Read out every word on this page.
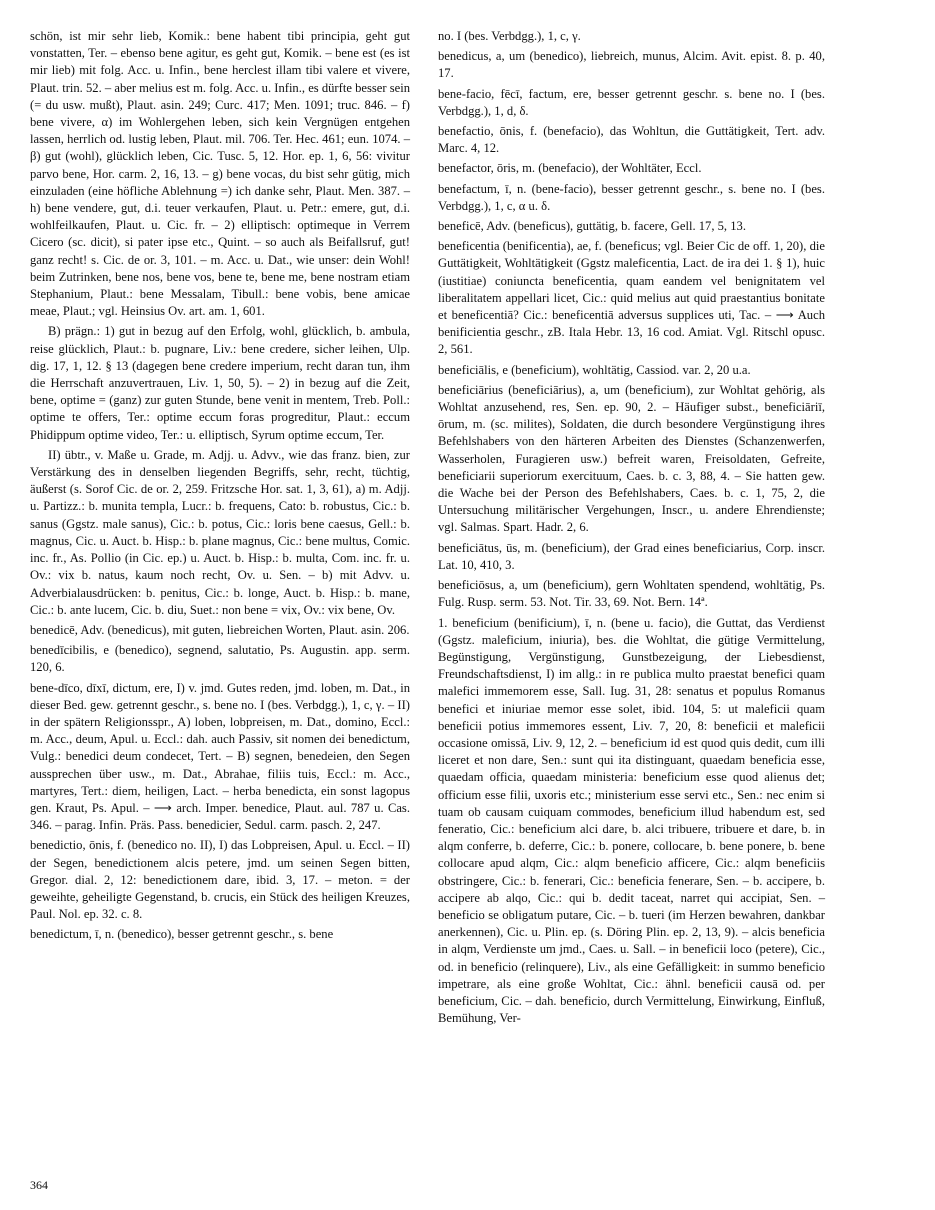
schön, ist mir sehr lieb, Komik.: bene habent tibi principia, geht gut vonstatten, Ter. – ebenso bene agitur, es geht gut, Komik. – bene est (es ist mir lieb) mit folg. Acc. u. Infin., bene herclest illam tibi valere et vivere, Plaut. trin. 52. – aber melius est m. folg. Acc. u. Infin., es dürfte besser sein (= du usw. mußt), Plaut. asin. 249; Curc. 417; Men. 1091; truc. 846. – f) bene vivere, α) im Wohlergehen leben, sich kein Vergnügen entgehen lassen, herrlich od. lustig leben, Plaut. mil. 706. Ter. Hec. 461; eun. 1074. – β) gut (wohl), glücklich leben, Cic. Tusc. 5, 12. Hor. ep. 1, 6, 56: vivitur parvo bene, Hor. carm. 2, 16, 13. – g) bene vocas, du bist sehr gütig, mich einzuladen (eine höfliche Ablehnung =) ich danke sehr, Plaut. Men. 387. – h) bene vendere, gut, d.i. teuer verkaufen, Plaut. u. Petr.: emere, gut, d.i. wohlfeilkaufen, Plaut. u. Cic. fr. – 2) elliptisch: optimeque in Verrem Cicero (sc. dicit), si pater ipse etc., Quint. – so auch als Beifallsruf, gut! ganz recht! s. Cic. de or. 3, 101. – m. Acc. u. Dat., wie unser: dein Wohl! beim Zutrinken, bene nos, bene vos, bene te, bene me, bene nostram etiam Stephanium, Plaut.: bene Messalam, Tibull.: bene vobis, bene amicae meae, Plaut.; vgl. Heinsius Ov. art. am. 1, 601.

B) prägn.: 1) gut in bezug auf den Erfolg, wohl, glücklich, b. ambula, reise glücklich, Plaut.: b. pugnare, Liv.: bene credere, sicher leihen, Ulp. dig. 17, 1, 12. § 13 (dagegen bene credere imperium, recht daran tun, ihm die Herrschaft anzuvertrauen, Liv. 1, 50, 5). – 2) in bezug auf die Zeit, bene, optime = (ganz) zur guten Stunde, bene venit in mentem, Treb. Poll.: optime te offers, Ter.: optime eccum foras progreditur, Plaut.: eccum Phidippum optime video, Ter.: u. elliptisch, Syrum optime eccum, Ter.

II) übtr., v. Maße u. Grade, m. Adjj. u. Advv., wie das franz. bien, zur Verstärkung des in denselben liegenden Begriffs, sehr, recht, tüchtig, äußerst (s. Sorof Cic. de or. 2, 259. Fritzsche Hor. sat. 1, 3, 61), a) m. Adjj. u. Partizz.: b. munita templa, Lucr.: b. frequens, Cato: b. robustus, Cic.: b. sanus (Ggstz. male sanus), Cic.: b. potus, Cic.: loris bene caesus, Gell.: b. magnus, Cic. u. Auct. b. Hisp.: b. plane magnus, Cic.: bene multus, Comic. inc. fr., As. Pollio (in Cic. ep.) u. Auct. b. Hisp.: b. multa, Com. inc. fr. u. Ov.: vix b. natus, kaum noch recht, Ov. u. Sen. – b) mit Advv. u. Adverbialausdrücken: b. penitus, Cic.: b. longe, Auct. b. Hisp.: b. mane, Cic.: b. ante lucem, Cic. b. diu, Suet.: non bene = vix, Ov.: vix bene, Ov.

benedicē, Adv. (benedicus), mit guten, liebreichen Worten, Plaut. asin. 206.

benedīcibilis, e (benedico), segnend, salutatio, Ps. Augustin. app. serm. 120, 6.

bene-dīco, dīxī, dictum, ere, I) v. jmd. Gutes reden, jmd. loben, m. Dat., in dieser Bed. gew. getrennt geschr., s. bene no. I (bes. Verbdgg.), 1, c, γ. – II) in der spätern Religionsspr., A) loben, lobpreisen, m. Dat., domino, Eccl.: m. Acc., deum, Apul. u. Eccl.: dah. auch Passiv, sit nomen dei benedictum, Vulg.: benedici deum condecet, Tert. – B) segnen, benedeien, den Segen aussprechen über usw., m. Dat., Abrahae, filiis tuis, Eccl.: m. Acc., martyres, Tert.: diem, heiligen, Lact. – herba benedicta, ein sonst lagopus gen. Kraut, Ps. Apul. – ⟶ arch. Imper. benedice, Plaut. aul. 787 u. Cas. 346. – parag. Infin. Präs. Pass. benedicier, Sedul. carm. pasch. 2, 247.

benedictio, ōnis, f. (benedico no. II), I) das Lobpreisen, Apul. u. Eccl. – II) der Segen, benedictionem alcis petere, jmd. um seinen Segen bitten, Gregor. dial. 2, 12: benedictionem dare, ibid. 3, 17. – meton. = der geweihte, geheiligte Gegenstand, b. crucis, ein Stück des heiligen Kreuzes, Paul. Nol. ep. 32. c. 8.

benedictum, ī, n. (benedico), besser getrennt geschr., s. bene

no. I (bes. Verbdgg.), 1, c, γ.

benedicus, a, um (benedico), liebreich, munus, Alcim. Avit. epist. 8. p. 40, 17.

bene-facio, fēcī, factum, ere, besser getrennt geschr. s. bene no. I (bes. Verbdgg.), 1, d, δ.

benefactio, ōnis, f. (benefacio), das Wohltun, die Guttätigkeit, Tert. adv. Marc. 4, 12.

benefactor, ōris, m. (benefacio), der Wohltäter, Eccl.

benefactum, ī, n. (bene-facio), besser getrennt geschr., s. bene no. I (bes. Verbdgg.), 1, c, α u. δ.

beneficē, Adv. (beneficus), guttätig, b. facere, Gell. 17, 5, 13.

beneficentia (benificentia), ae, f. (beneficus; vgl. Beier Cic de off. 1, 20), die Guttätigkeit, Wohltätigkeit (Ggstz maleficentia, Lact. de ira dei 1. § 1), huic (iustitiae) coniuncta beneficentia, quam eandem vel benignitatem vel liberalitatem appellari licet, Cic.: quid melius aut quid praestantius bonitate et beneficentiā? Cic.: beneficentiā adversus supplices uti, Tac. – ⟶ Auch benificientia geschr., zB. Itala Hebr. 13, 16 cod. Amiat. Vgl. Ritschl opusc. 2, 561.

beneficiālis, e (beneficium), wohltätig, Cassiod. var. 2, 20 u.a.

beneficiārius (beneficiārius), a, um (beneficium), zur Wohltat gehörig, als Wohltat anzusehend, res, Sen. ep. 90, 2. – Häufiger subst., beneficiāriī, ōrum, m. (sc. milites), Soldaten, die durch besondere Vergünstigung ihres Befehlshabers von den härteren Arbeiten des Dienstes (Schanzenwerfen, Wasserholen, Furagieren usw.) befreit waren, Freisoldaten, Gefreite, beneficiarii superiorum exercituum, Caes. b. c. 3, 88, 4. – Sie hatten gew. die Wache bei der Person des Befehlshabers, Caes. b. c. 1, 75, 2, die Untersuchung militärischer Vergehungen, Inscr., u. andere Ehrendienste; vgl. Salmas. Spart. Hadr. 2, 6.

beneficiātus, ūs, m. (beneficium), der Grad eines beneficiarius, Corp. inscr. Lat. 10, 410, 3.

beneficiōsus, a, um (beneficium), gern Wohltaten spendend, wohltätig, Ps. Fulg. Rusp. serm. 53. Not. Tir. 33, 69. Not. Bern. 14ª.

1. beneficium (benificium), ī, n. (bene u. facio), die Guttat, das Verdienst (Ggstz. maleficium, iniuria), bes. die Wohltat, die gütige Vermittelung, Begünstigung, Vergünstigung, Gunstbezeigung, der Liebesdienst, Freundschaftsdienst, I) im allg.: in re publica multo praestat benefici quam malefici immemorem esse, Sall. Iug. 31, 28: senatus et populus Romanus benefici et iniuriae memor esse solet, ibid. 104, 5: ut maleficii quam beneficii potius immemores essent, Liv. 7, 20, 8: beneficii et maleficii occasione omissā, Liv. 9, 12, 2. – beneficium id est quod quis dedit, cum illi liceret et non dare, Sen.: sunt qui ita distinguant, quaedam beneficia esse, quaedam officia, quaedam ministeria: beneficium esse quod alienus det; officium esse filii, uxoris etc.; ministerium esse servi etc., Sen.: nec enim si tuam ob causam cuiquam commodes, beneficium illud habendum est, sed feneratio, Cic.: beneficium alci dare, b. alci tribuere, tribuere et dare, b. in alqm conferre, b. deferre, Cic.: b. ponere, collocare, b. bene ponere, b. bene collocare apud alqm, Cic.: alqm beneficio afficere, Cic.: alqm beneficiis obstringere, Cic.: b. fenerari, Cic.: beneficia fenerare, Sen. – b. accipere, b. accipere ab alqo, Cic.: qui b. dedit taceat, narret qui accipiat, Sen. – beneficio se obligatum putare, Cic. – b. tueri (im Herzen bewahren, dankbar anerkennen), Cic. u. Plin. ep. (s. Döring Plin. ep. 2, 13, 9). – alcis beneficia in alqm, Verdienste um jmd., Caes. u. Sall. – in beneficii loco (petere), Cic., od. in beneficio (relinquere), Liv., als eine Gefälligkeit: in summo beneficio impetrare, als eine große Wohltat, Cic.: ähnl. beneficii causā od. per beneficium, Cic. – dah. beneficio, durch Vermittelung, Einwirkung, Einfluß, Bemühung, Ver-

364
